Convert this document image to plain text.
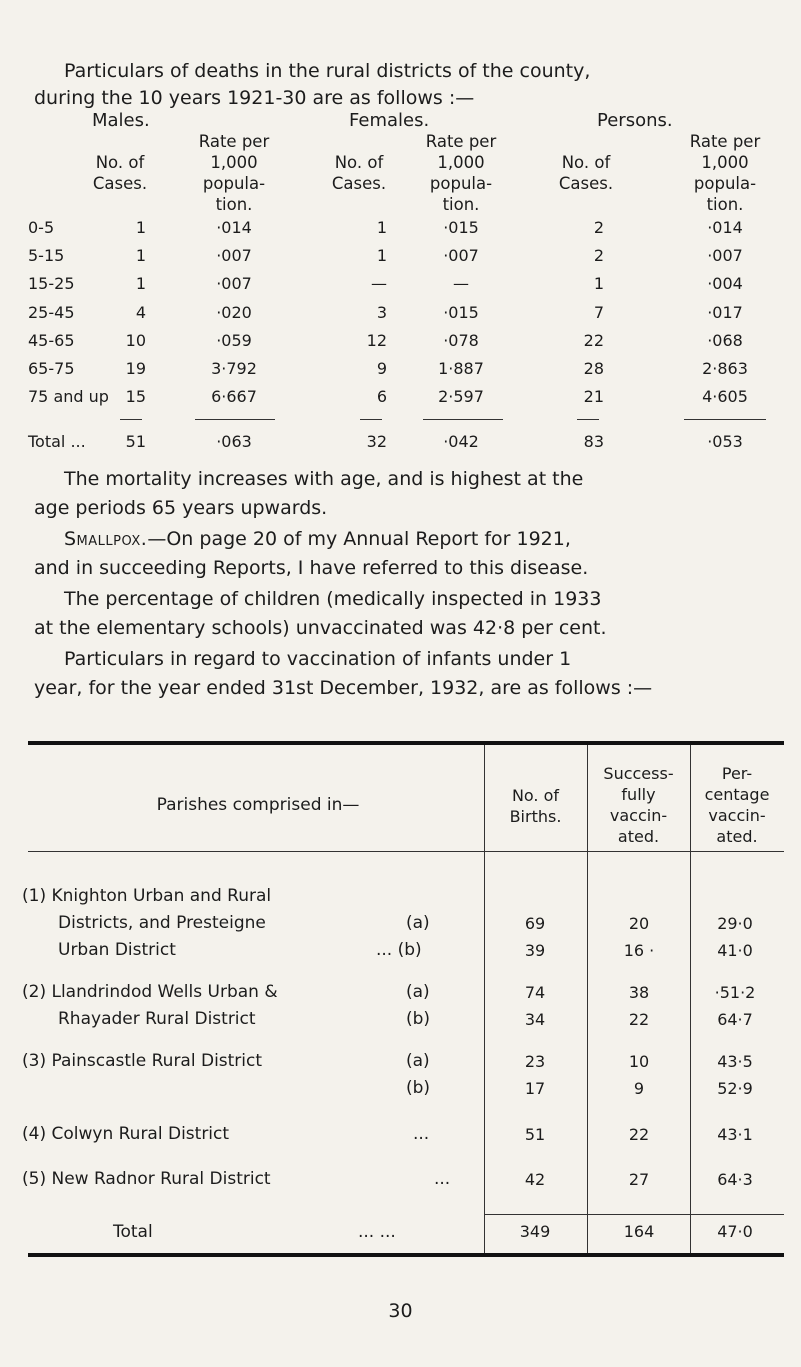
Particulars of deaths in the rural districts of the county,
during the 10 years 1921-30 are as follows :—
Males.	Females.	Persons.
No. of
Cases.
Rate per
1,000
popula-
tion.
No. of
Cases.
Rate per
1,000
popula-
tion.
No. of
Cases.
Rate per
1,000
popula-
tion.
0-5	1	·014	1	·015	2	·014
5-15	1	·007	1	·007	2	·007
15-25	1	·007	—	—	1	·004
25-45	4	·020	3	·015	7	·017
45-65	10	·059	12	·078	22	·068
65-75	19	3·792	9	1·887	28	2·863
75 and up	15	6·667	6	2·597	21	4·605
Total ...	51	·063	32	·042	83	·053
The mortality increases with age, and is highest at the
age periods 65 years upwards.
Smallpox.—On page 20 of my Annual Report for 1921,
and in succeeding Reports, I have referred to this disease.
The percentage of children (medically inspected in 1933
at the elementary schools) unvaccinated was 42·8 per cent.
Particulars in regard to vaccination of infants under 1
year, for the year ended 31st December, 1932, are as follows :—
Parishes comprised in—	No. of
Births.
Success-
fully
vaccin-
ated.
Per-
centage
vaccin-
ated.
(1) Knighton Urban and Rural
Districts, and Presteigne	(a)	69	20	29·0
Urban District	... (b)	39	16 ·	41·0
(2) Llandrindod Wells Urban &	(a)	74	38	·51·2
Rhayader Rural District	(b)	34	22	64·7
(3) Painscastle Rural District	(a)	23	10	43·5
(b)	17	9	52·9
(4) Colwyn Rural District	...	51	22	43·1
(5) New Radnor Rural District	...	42	27	64·3
Total	... ...	349	164	47·0
30
